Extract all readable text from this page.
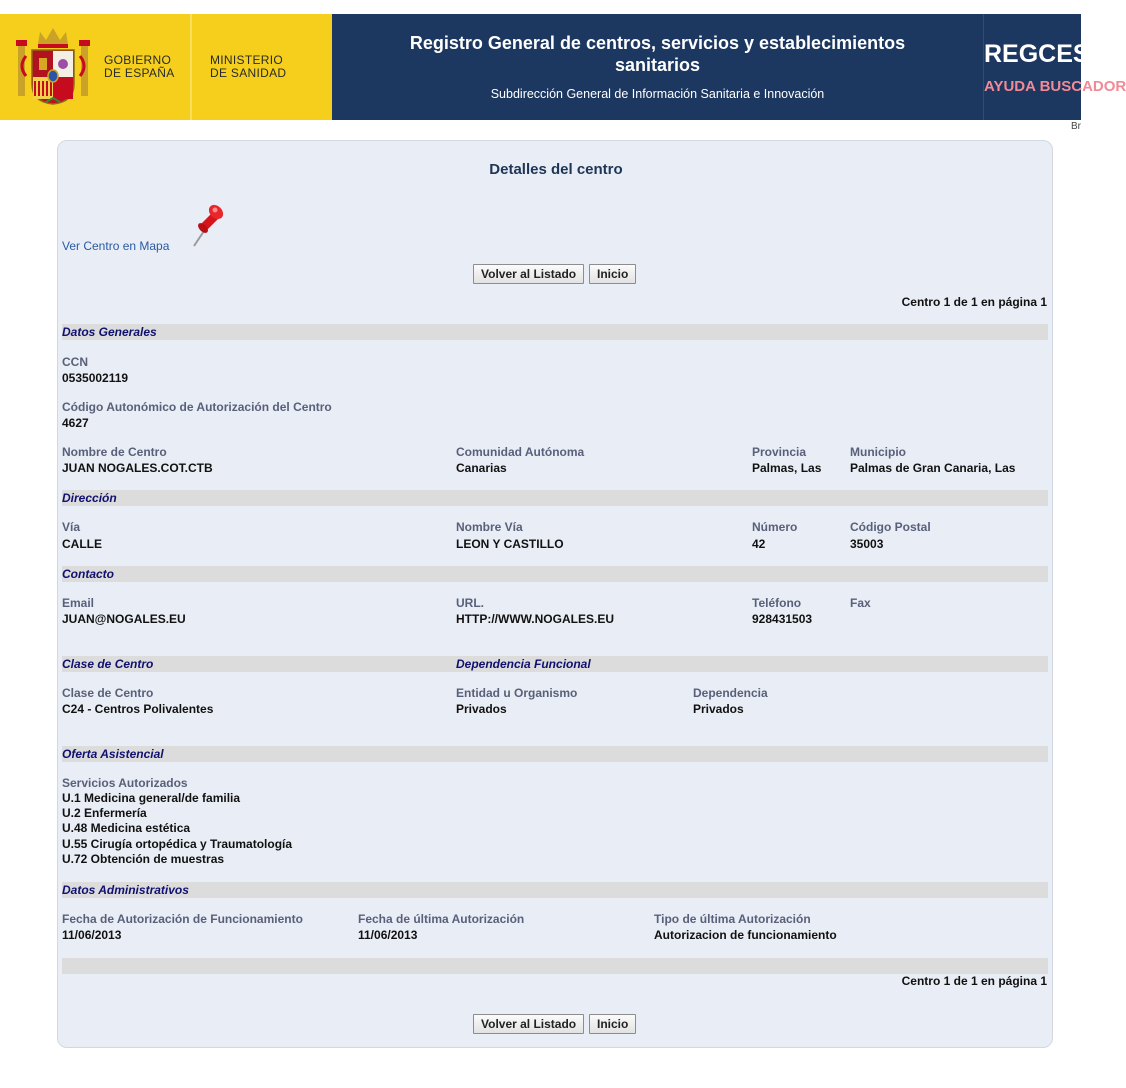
GOBIERNO
DE ESPAÑA
MINISTERIO
DE SANIDAD
Registro General de centros, servicios y establecimientos
sanitarios
Subdirección General de Información Sanitaria e Innovación
REGCESS
AYUDA BUSCADOR
Br
Detalles del centro
Ver Centro en Mapa
Volver al Listado	Inicio
Centro 1 de 1 en página 1
Datos Generales
CCN
0535002119
Código Autonómico de Autorización del Centro
4627
Nombre de Centro
JUAN NOGALES.COT.CTB
Comunidad Autónoma
Canarias
Provincia
Palmas, Las
Municipio
Palmas de Gran Canaria, Las
Dirección
Vía
CALLE
Nombre Vía
LEON Y CASTILLO
Número
42
Código Postal
35003
Contacto
Email
JUAN@NOGALES.EU
URL.
HTTP://WWW.NOGALES.EU
Teléfono
928431503
Fax
Clase de Centro	Dependencia Funcional
Clase de Centro
C24 - Centros Polivalentes
Entidad u Organismo
Privados
Dependencia
Privados
Oferta Asistencial
Servicios Autorizados
U.1 Medicina general/de familia
U.2 Enfermería
U.48 Medicina estética
U.55 Cirugía ortopédica y Traumatología
U.72 Obtención de muestras
Datos Administrativos
Fecha de Autorización de Funcionamiento
11/06/2013
Fecha de última Autorización
11/06/2013
Tipo de última Autorización
Autorizacion de funcionamiento
Centro 1 de 1 en página 1
Volver al Listado	Inicio
